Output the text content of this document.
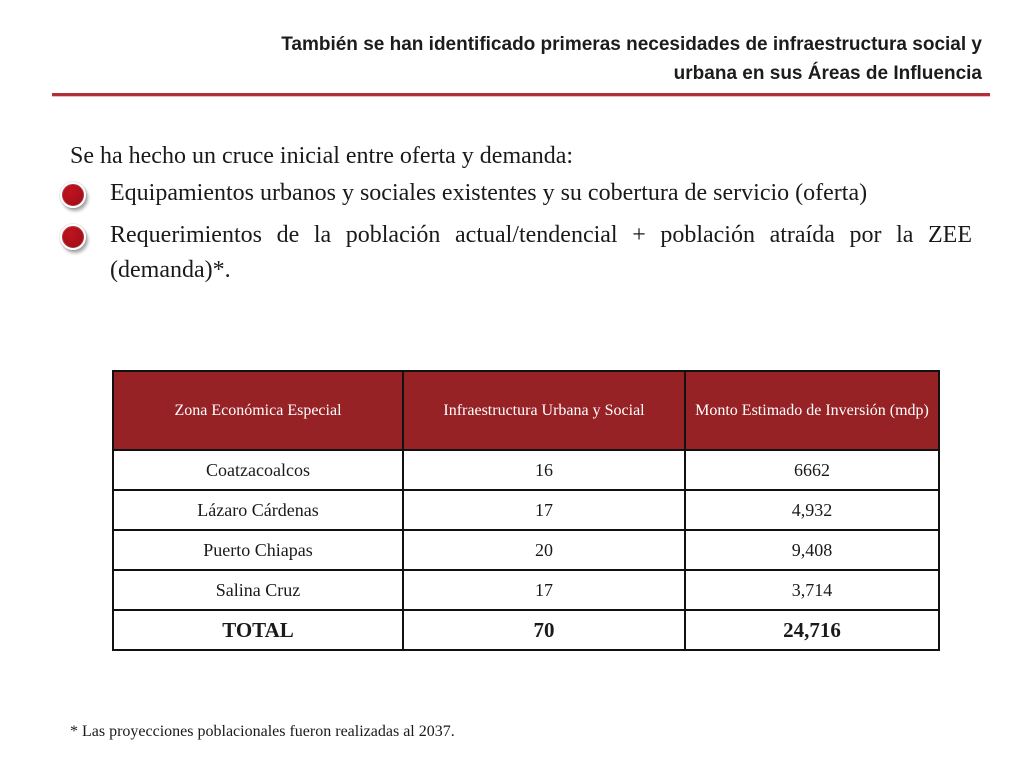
También se han identificado primeras necesidades de infraestructura social y
urbana en sus Áreas de Influencia
Se ha hecho un cruce inicial entre oferta y demanda:
Equipamientos urbanos y sociales existentes y su cobertura de servicio (oferta)
Requerimientos de la población actual/tendencial + población atraída por la ZEE (demanda)*.
Zona Económica Especial	Infraestructura Urbana y Social	Monto Estimado de Inversión (mdp)
Coatzacoalcos	16	6662
Lázaro Cárdenas	17	4,932
Puerto Chiapas	20	9,408
Salina Cruz	17	3,714
TOTAL	70	24,716
* Las proyecciones poblacionales fueron realizadas al 2037.
